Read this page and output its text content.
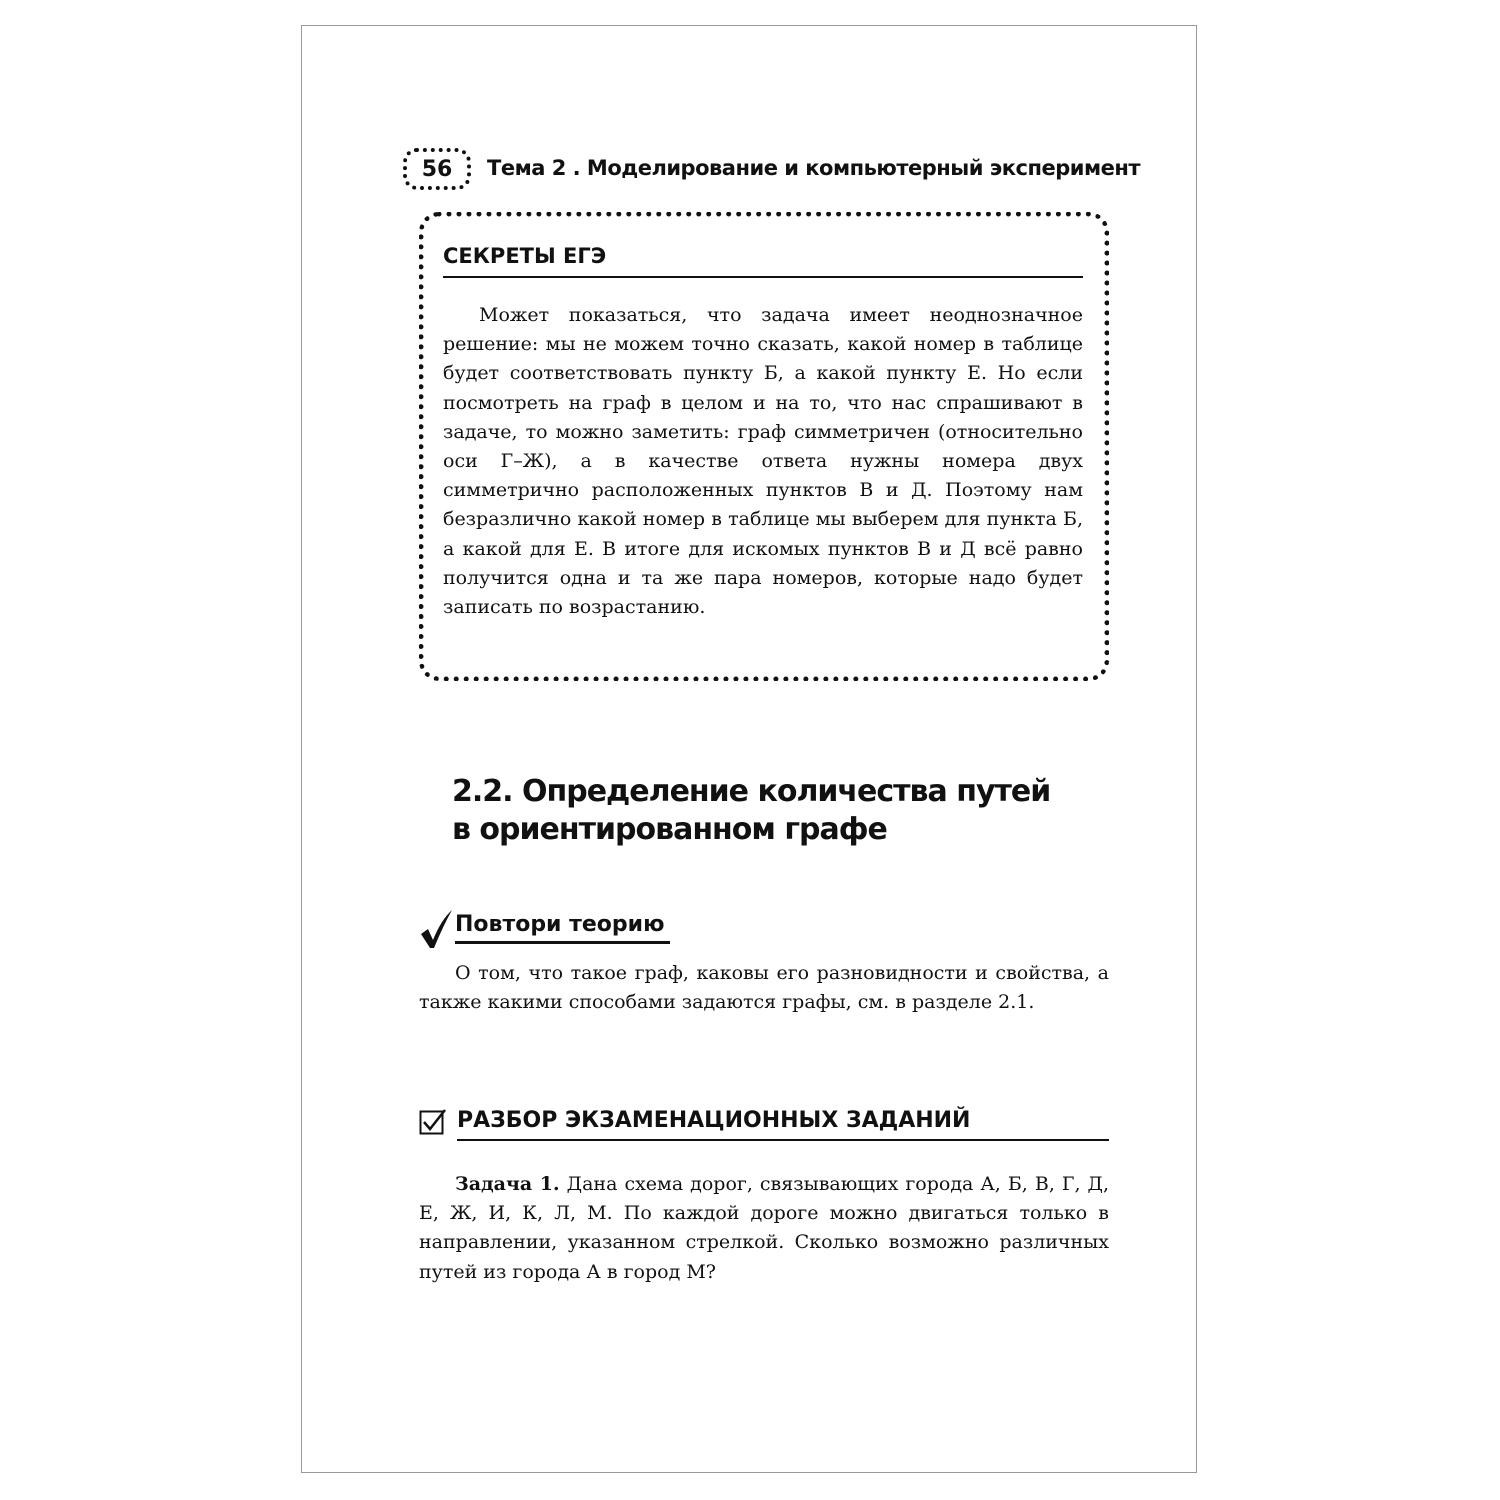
56	Тема 2 . Моделирование и компьютерный эксперимент
СЕКРЕТЫ ЕГЭ

Может показаться, что задача имеет неоднозначное решение: мы не можем точно сказать, какой номер в таблице будет соответствовать пункту Б, а какой пункту Е. Но если посмотреть на граф в целом и на то, что нас спрашивают в задаче, то можно заметить: граф симметричен (относительно оси Г–Ж), а в качестве ответа нужны номера двух симметрично расположенных пунктов В и Д. Поэтому нам безразлично какой номер в таблице мы выберем для пункта Б, а какой для Е. В итоге для искомых пунктов В и Д всё равно получится одна и та же пара номеров, которые надо будет записать по возрастанию.

2.2. Определение количества путей
в ориентированном графе
Повтори теорию

О том, что такое граф, каковы его разновидности и свойства, а также какими способами задаются графы, см. в разделе 2.1.

РАЗБОР ЭКЗАМЕНАЦИОННЫХ ЗАДАНИЙ

Задача 1. Дана схема дорог, связывающих города А, Б, В, Г, Д, Е, Ж, И, К, Л, М. По каждой дороге можно двигаться только в направлении, указанном стрелкой. Сколько возможно различных путей из города А в город М?
